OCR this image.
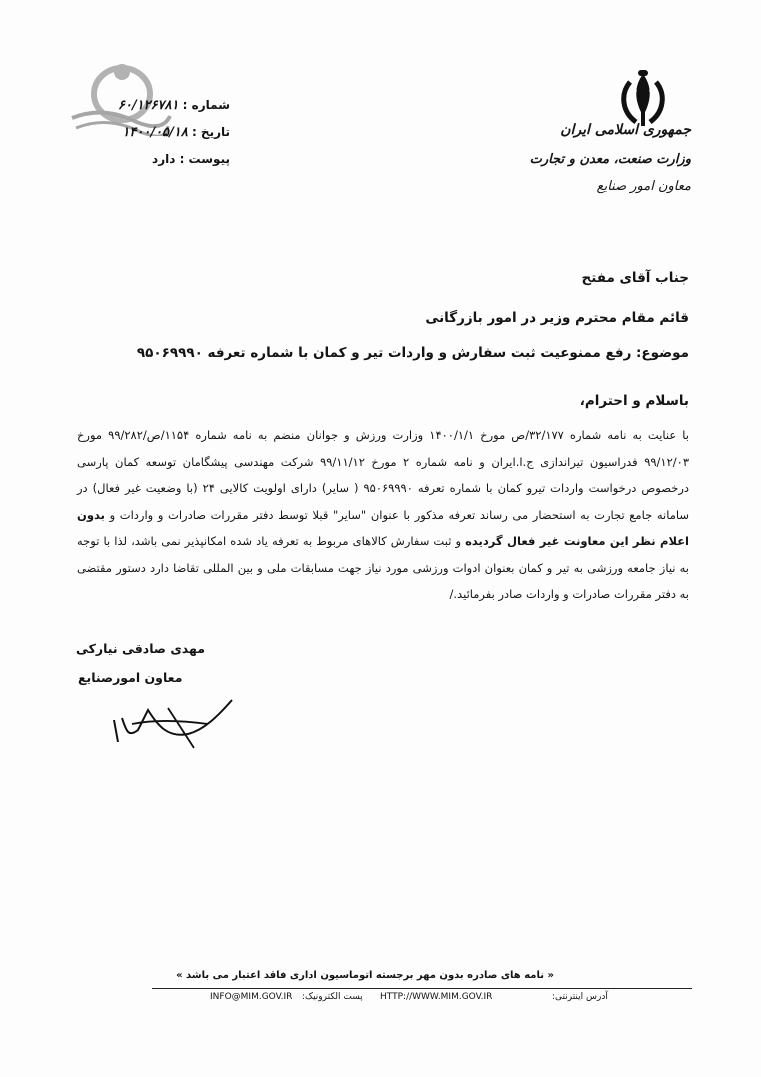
جمهوری اسلامی ایران
وزارت صنعت، معدن و تجارت
معاون امور صنایع
شماره : ۶۰/۱۲۶۷۸۱
تاریخ : ۱۴۰۰/۰۵/۱۸
پیوست : دارد
جناب آقای مفتح
قائم مقام محترم وزیر در امور بازرگانی
موضوع: رفع ممنوعیت ثبت سفارش و واردات تیر و کمان با شماره تعرفه ۹۵۰۶۹۹۹۰
باسلام و احترام،
با عنایت به نامه شماره ۳۲/۱۷۷/ص مورخ ۱۴۰۰/۱/۱ وزارت ورزش و جوانان منضم به نامه شماره ۱۱۵۴/ص/۹۹/۲۸۲ مورخ ۹۹/۱۲/۰۳ فدراسیون تیراندازی ج.ا.ایران و نامه شماره ۲ مورخ ۹۹/۱۱/۱۲ شرکت مهندسی پیشگامان توسعه کمان پارسی درخصوص درخواست واردات تیرو کمان با شماره تعرفه ۹۵۰۶۹۹۹۰ ( سایر) دارای اولویت کالایی ۲۴ (با وضعیت غیر فعال) در سامانه جامع تجارت به استحضار می رساند تعرفه مذکور با عنوان "سایر" قبلا توسط دفتر مقررات صادرات و واردات و بدون اعلام نظر این معاونت غیر فعال گردیده و ثبت سفارش کالاهای مربوط به تعرفه یاد شده امکانپذیر نمی باشد، لذا با توجه به نیاز جامعه ورزشی به تیر و کمان بعنوان ادوات ورزشی مورد نیاز جهت مسابقات ملی و بین المللی تقاضا دارد دستور مقتضی به دفتر مقررات صادرات و واردات صادر بفرمائید./
مهدی صادقی نیارکی
معاون امورصنایع
« نامه های صادره بدون مهر برجسته اتوماسیون اداری فاقد اعتبار می باشد »
INFO@MIM.GOV.IR پست الکترونیک: HTTP://WWW.MIM.GOV.IR	آدرس اینترنتی:
